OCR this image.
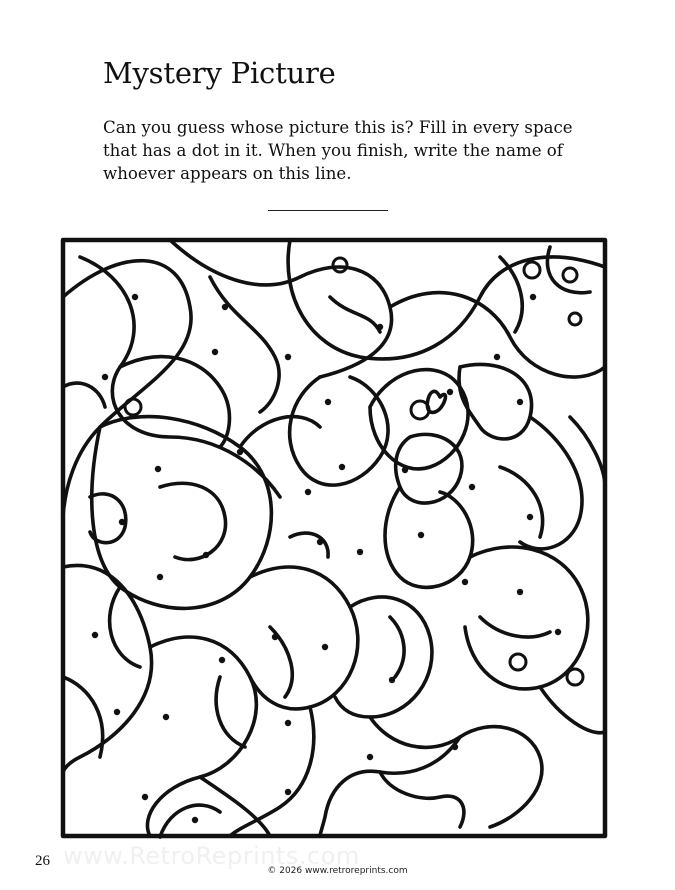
Mystery Picture

Can you guess whose picture this is? Fill in every space that has a dot in it. When you finish, write the name of whoever appears on this line.

26 www.RetroReprints.com
© 2026 www.retroreprints.com
